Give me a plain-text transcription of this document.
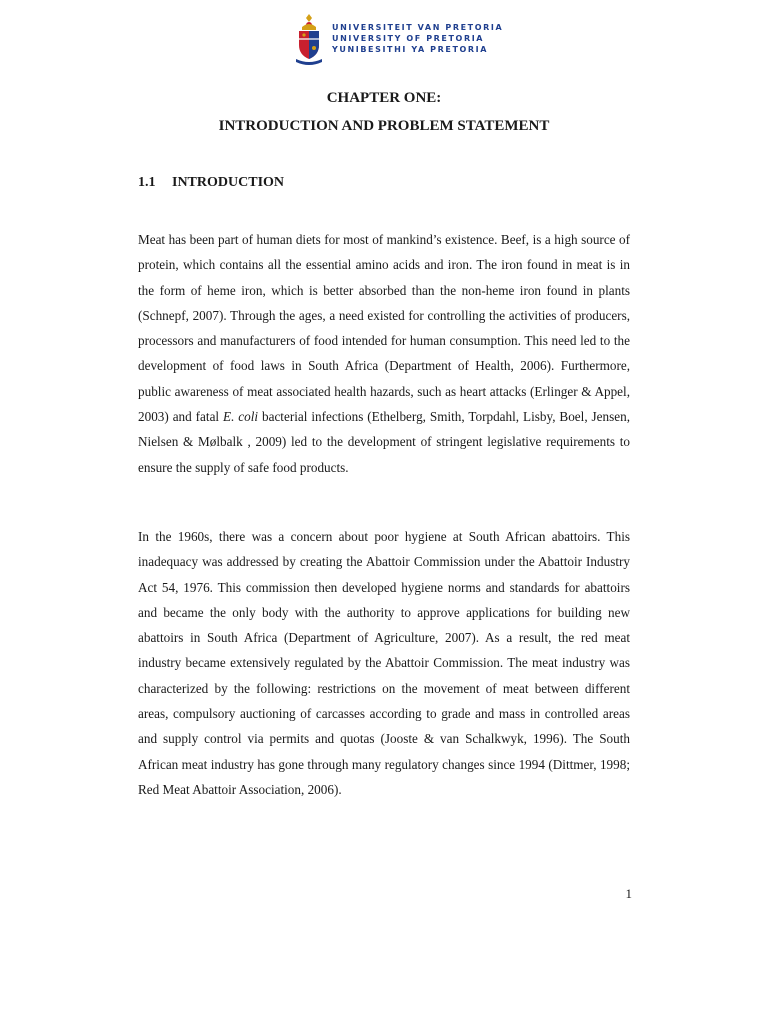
UNIVERSITEIT VAN PRETORIA
UNIVERSITY OF PRETORIA
YUNIBESITHI YA PRETORIA
CHAPTER ONE:
INTRODUCTION AND PROBLEM STATEMENT
1.1 INTRODUCTION

Meat has been part of human diets for most of mankind’s existence. Beef, is a high source of protein, which contains all the essential amino acids and iron. The iron found in meat is in the form of heme iron, which is better absorbed than the non-heme iron found in plants (Schnepf, 2007). Through the ages, a need existed for controlling the activities of producers, processors and manufacturers of food intended for human consumption. This need led to the development of food laws in South Africa (Department of Health, 2006). Furthermore, public awareness of meat associated health hazards, such as heart attacks (Erlinger & Appel, 2003) and fatal E. coli bacterial infections (Ethelberg, Smith, Torpdahl, Lisby, Boel, Jensen, Nielsen & Mølbalk , 2009) led to the development of stringent legislative requirements to ensure the supply of safe food products.

In the 1960s, there was a concern about poor hygiene at South African abattoirs. This inadequacy was addressed by creating the Abattoir Commission under the Abattoir Industry Act 54, 1976. This commission then developed hygiene norms and standards for abattoirs and became the only body with the authority to approve applications for building new abattoirs in South Africa (Department of Agriculture, 2007). As a result, the red meat industry became extensively regulated by the Abattoir Commission. The meat industry was characterized by the following: restrictions on the movement of meat between different areas, compulsory auctioning of carcasses according to grade and mass in controlled areas and supply control via permits and quotas (Jooste & van Schalkwyk, 1996). The South African meat industry has gone through many regulatory changes since 1994 (Dittmer, 1998; Red Meat Abattoir Association, 2006).

1
